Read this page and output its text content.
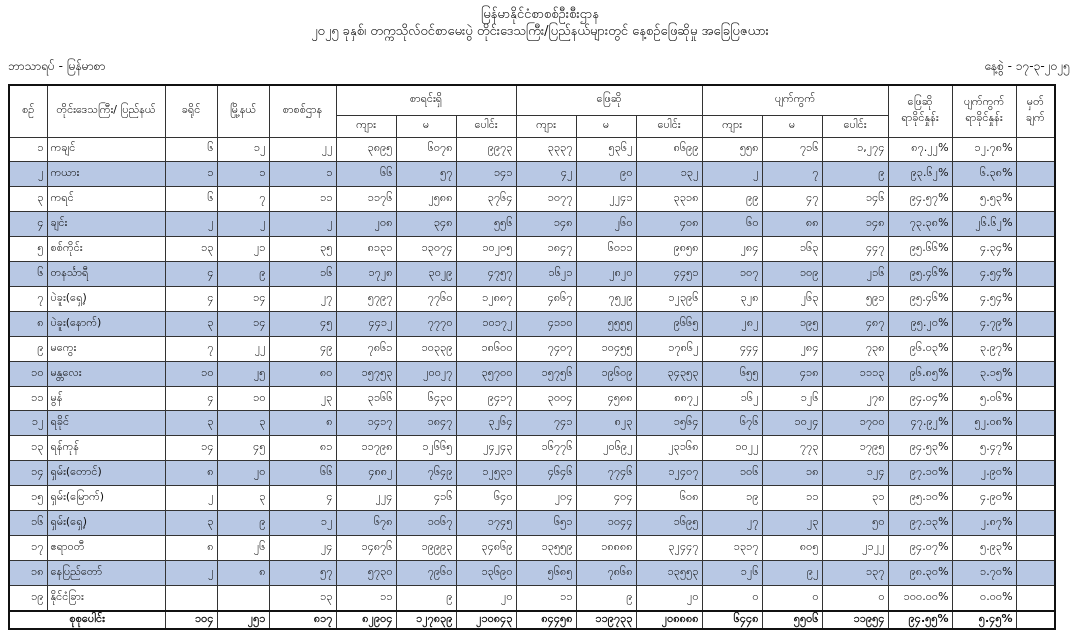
မြန်မာနိုင်ငံစာစစ်ဦးစီးဌာန
၂၀၂၅ ခုနှစ်၊ တက္ကသိုလ်ဝင်စာမေးပွဲ တိုင်းဒေသကြီး/ပြည်နယ်များတွင် နေ့စဉ်ဖြေဆိုမှု အခြေပြဇယား
ဘာသာရပ် - မြန်မာစာ	နေ့စွဲ - ၁၇-၃-၂၀၂၅
စဉ်	တိုင်းဒေသကြီး/ ပြည်နယ်	ခရိုင်	မြို့နယ်	စာစစ်ဌာန	စာရင်းရှိ			ဖြေဆို			ပျက်ကွက်			ဖြေဆို ရာခိုင်နှုန်း	ပျက်ကွက် ရာခိုင်နှုန်း	မှတ် ချက်
					ကျား	မ	ပေါင်း	ကျား	မ	ပေါင်း	ကျား	မ	ပေါင်း			
၁	ကချင်	၆	၁၂	၂၂	၃၈၉၅	၆၀၇၈	၉၉၇၃	၃၃၃၇	၅၃၆၂	၈၆၉၉	၅၅၈	၇၁၆	၁,၂၇၄	၈၇.၂၂%	၁၂.၇၈%	
၂	ကယား	၁	၁	၁	၆၆	၅၇	၁၄၁	၄၂	၉၀	၁၃၂	၂	၇	၉	၉၃.၆၂%	၆.၃၈%	
၃	ကရင်	၆	၇	၁၁	၁၁၇၆	၂၅၈၈	၃၇၆၄	၁၀၇၇	၂၂၄၁	၃၃၁၈	၉၉	၄၇	၁၄၆	၉၄.၅၇%	၅.၅၃%	
၄	ချင်း	၂	၂	၂	၂၀၈	၃၄၈	၅၅၆	၁၄၈	၂၆၀	၄၀၈	၆၀	၈၈	၁၄၈	၇၃.၃၈%	၂၆.၆၂%	
၅	စစ်ကိုင်း	၁၃	၂၁	၃၅	၈၁၃၁	၁၃၀၇၄	၁၀၂၀၅	၁၈၄၇	၆၀၁၁	၉၈၅၈	၂၈၄	၁၆၃	၄၄၇	၉၅.၆၆%	၄.၃၄%	
၆	တနင်္သာရီ	၄	၉	၁၆	၁၇၂၈	၃၀၂၉	၄၇၅၇	၁၆၂၁	၂၈၂၀	၄၄၅၁	၁၀၇	၁၀၉	၂၁၆	၉၅.၄၆%	၄.၅၄%	
၇	ပဲခူး(ရှေ့)	၄	၁၄	၂၇	၅၇၉၇	၇၇၆၀	၁၂၈၈၇	၄၈၆၇	၇၅၂၉	၁၂၃၉၆	၃၂၈	၂၆၃	၅၉၁	၉၅.၄၆%	၄.၅၄%	
၈	ပဲခူး(နောက်)	၃	၁၄	၄၅	၄၄၁၂	၇၇၇၀	၁၀၁၇၂	၄၁၁၀	၅၅၅၅	၉၆၆၅	၂၈၂	၁၉၅	၄၈၇	၉၅.၂၀%	၄.၇၉%	
၉	မကွေး	၇	၂၂	၄၉	၇၈၆၁	၁၀၃၃၉	၁၈၆၀၀	၇၄၀၇	၁၀၄၅၅	၁၇၈၆၂	၄၄၄	၂၈၄	၇၃၈	၉၆.၀၃%	၃.၉၇%	
၁၀	မန္တလေး	၁၀	၂၅	၈၀	၁၅၇၅၃	၂၀၀၂၇	၃၅၇၀၀	၁၅၇၅၆	၁၉၆၀၉	၃၄၃၅၃	၆၅၅	၄၁၈	၁၁၁၃	၉၆.၈၅%	၃.၁၅%	
၁၁	မွန်	၄	၁၀	၂၃	၃၁၆၆	၆၄၃၀	၉၄၁၇	၃၀၀၄	၄၅၈၈	၈၈၇၂	၁၆၂	၁၂၆	၂၇၈	၉၄.၀၄%	၅.၀၆%	
၁၂	ရခိုင်	၃	၃	၈	၁၄၁၇	၁၈၄၇	၃၂၆၄	၇၄၁	၈၂၃	၁၅၆၄	၆၇၆	၁၀၂၄	၁၇၀၀	၄၇.၉၂%	၅၂.၀၈%	
၁၃	ရန်ကုန်	၁၄	၄၅	၈၁	၁၁၇၉၈	၁၂၆၆၅	၂၄၂၄၃	၁၆၇၇၆	၂၀၆၉၂	၂၃၁၆၈	၁၀၂၂	၇၇၃	၁၇၉၅	၉၄.၅၃%	၅.၄၇%	
၁၄	ရှမ်း(တောင်)	၈	၂၀	၆၆	၄၈၈၂	၇၆၄၉	၁၂၅၃၁	၄၆၄၆	၇၇၄၆	၁၂၄၀၇	၁၀၆	၁၈	၁၂၄	၉၇.၁၀%	၂.၉၀%	
၁၅	ရှမ်း(မြောက်)	၂	၃	၄	၂၂၄	၄၁၆	၆၄၀	၂၀၄	၄၀၄	၆၀၈	၁၉	၁၁	၃၁	၉၅.၁၀%	၄.၉၀%	
၁၆	ရှမ်း(ရှေ့)	၃	၉	၁၂	၆၇၈	၁၀၆၇	၁၇၄၅	၆၅၁	၁၀၄၄	၁၆၉၅	၂၇	၂၃	၅၀	၉၇.၁၃%	၂.၈၇%	
၁၇	ဧရာဝတီ	၈	၂၆	၂၄	၁၄၈၇၆	၁၉၉၉၃	၃၄၈၆၉	၁၃၅၅၉	၁၈၈၈၈	၃၂၄၄၇	၁၃၁၇	၈၀၅	၂၁၂၂	၉၄.၀၇%	၅.၉၃%	
၁၈	နေပြည်တော်	၂	၈	၅၇	၅၇၃၀	၇၉၆၀	၁၃၆၉၀	၅၆၈၅	၇၈၆၈	၁၃၅၅၃	၁၂၆	၉၂	၁၃၇	၉၈.၃၀%	၁.၇၀%	
၁၉	နိုင်ငံခြား			၁၃	၁၁	၉	၂၀	၁၁	၉	၂၀	၀	၀	၀	၁၀၀.၀၀%	၀.၀၀%	
စုစုပေါင်း		၁၀၄	၂၅၁	၈၁၇	၈၂၉၀၄	၁၂၇၈၃၉	၂၁၀၈၄၃	၈၄၄၅၈	၁၁၉၇၃၃	၂၀၈၈၈၈	၆၄၄၈	၅၅၀၆	၁၁၉၅၄	၉၄.၅၅%	၅.၄၅%	
